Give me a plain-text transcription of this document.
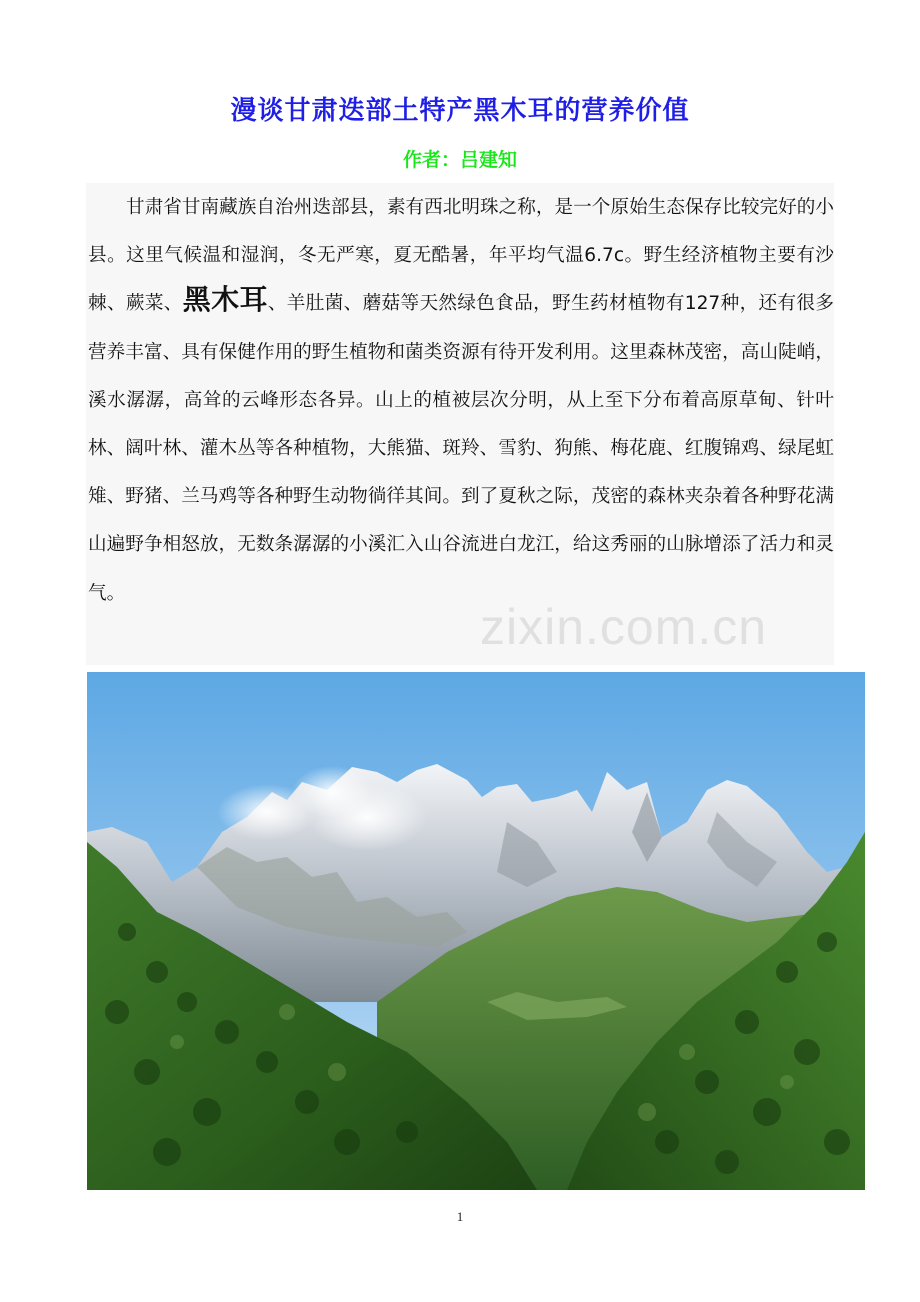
漫谈甘肃迭部土特产黑木耳的营养价值
作者：吕建知

甘肃省甘南藏族自治州迭部县，素有西北明珠之称，是一个原始生态保存比较完好的小县。这里气候温和湿润，冬无严寒，夏无酷暑，年平均气温6.7c。野生经济植物主要有沙棘、蕨菜、黑木耳、羊肚菌、蘑菇等天然绿色食品，野生药材植物有127种，还有很多营养丰富、具有保健作用的野生植物和菌类资源有待开发利用。这里森林茂密，高山陡峭，溪水潺潺，高耸的云峰形态各异。山上的植被层次分明，从上至下分布着高原草甸、针叶林、阔叶林、灌木丛等各种植物，大熊猫、斑羚、雪豹、狗熊、梅花鹿、红腹锦鸡、绿尾虹雉、野猪、兰马鸡等各种野生动物徜徉其间。到了夏秋之际，茂密的森林夹杂着各种野花满山遍野争相怒放，无数条潺潺的小溪汇入山谷流进白龙江，给这秀丽的山脉增添了活力和灵气。

zixin.com.cn
1
